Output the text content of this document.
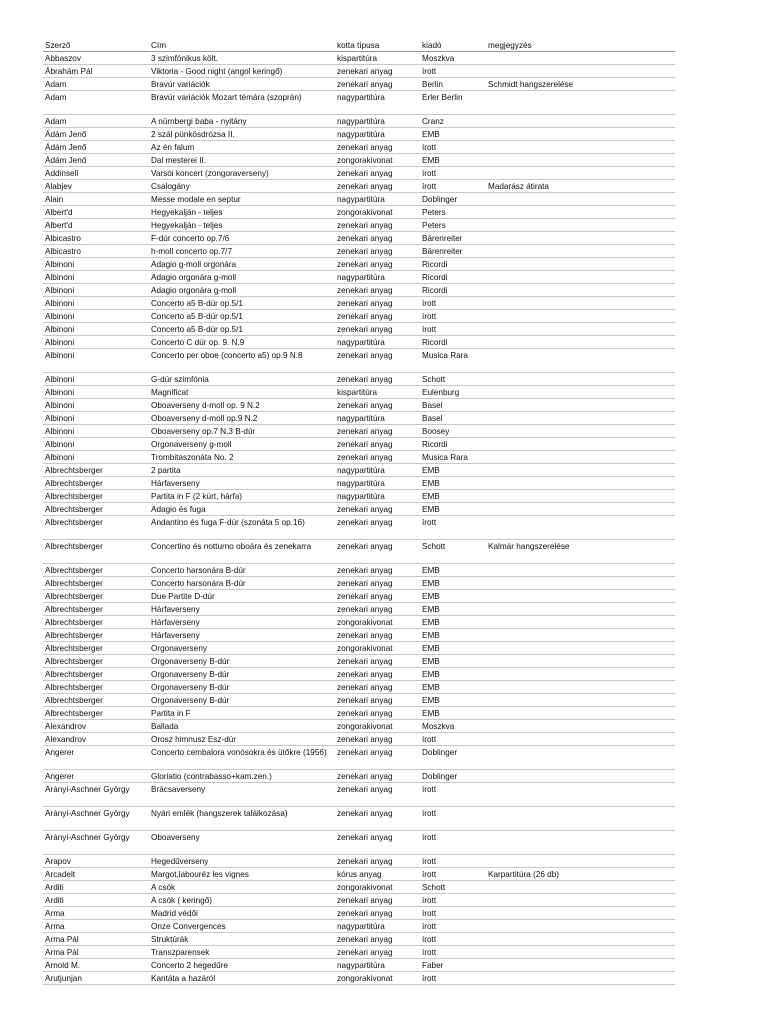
Szerző	Cím	kotta típusa	kiadó	megjegyzés
Abbaszov	3 szimfónikus költ.	kispartitúra	Moszkva	
Ábrahám Pál	Viktoria - Good night (angol keringő)	zenekari anyag	írott	
Adam	Bravúr variációk	zenekari anyag	Berlin	Schmidt hangszerelése
Adam	Bravúr variációk Mozart témára (szoprán)	nagypartitúra	Erler Berlin	
Adam	A nürnbergi baba - nyitány	nagypartitúra	Cranz	
Ádám Jenő	2 szál pünkösdrózsa II.	nagypartitúra	EMB	
Ádám Jenő	Az én falum	zenekari anyag	írott	
Ádám Jenő	Dal mesterei II.	zongorakivonat	EMB	
Addinsell	Varsói koncert (zongoraverseny)	zenekari anyag	írott	
Alabjev	Csalogány	zenekari anyag	írott	Madarász átirata
Alain	Messe modale en septur	nagypartitúra	Doblinger	
Albert'd	Hegyekalján - teljes	zongorakivonat	Peters	
Albert'd	Hegyekalján - teljes	zenekari anyag	Peters	
Albicastro	F-dúr concerto op.7/6	zenekari anyag	Bärenreiter	
Albicastro	h-moll concerto op.7/7	zenekari anyag	Bärenreiter	
Albinoni	Adagio g-moll orgonára	zenekari anyag	Ricordi	
Albinoni	Adagio orgonára g-moll	nagypartitúra	Ricordi	
Albinoni	Adagio orgonára g-moll	zenekari anyag	Ricordi	
Albinoni	Concerto a5 B-dúr op.5/1	zenekari anyag	írott	
Albinoni	Concerto a5 B-dúr op.5/1	zenekari anyag	írott	
Albinoni	Concerto a5 B-dúr op.5/1	zenekari anyag	írott	
Albinoni	Concerto C dúr op. 9. N.9	nagypartitúra	Ricordi	
Albinoni	Concerto per oboe (concerto a5) op.9 N.8	zenekari anyag	Musica Rara	
Albinoni	G-dúr szimfónia	zenekari anyag	Schott	
Albinoni	Magnificat	kispartitúra	Eulenburg	
Albinoni	Oboaverseny d-moll op. 9 N.2	zenekari anyag	Basel	
Albinoni	Oboaverseny d-moll op.9 N.2	nagypartitúra	Basel	
Albinoni	Oboaverseny op.7 N.3 B-dúr	zenekari anyag	Boosey	
Albinoni	Orgonaverseny g-moll	zenekari anyag	Ricordi	
Albinoni	Trombitaszonáta No. 2	zenekari anyag	Musica Rara	
Albrechtsberger	2 partita	nagypartitúra	EMB	
Albrechtsberger	Hárfaverseny	nagypartitúra	EMB	
Albrechtsberger	Partita in F (2 kürt, hárfa)	nagypartitúra	EMB	
Albrechtsberger	Adagio és fuga	zenekari anyag	EMB	
Albrechtsberger	Andantino és fuga F-dúr (szonáta 5 op.16)	zenekari anyag	írott	
Albrechtsberger	Concertino és notturno oboára és zenekarra	zenekari anyag	Schott	Kalmár hangszerelése
Albrechtsberger	Concerto harsonára B-dúr	zenekari anyag	EMB	
Albrechtsberger	Concerto harsonára B-dúr	zenekari anyag	EMB	
Albrechtsberger	Due Partite D-dúr	zenekari anyag	EMB	
Albrechtsberger	Hárfaverseny	zenekari anyag	EMB	
Albrechtsberger	Hárfaverseny	zongorakivonat	EMB	
Albrechtsberger	Hárfaverseny	zenekari anyag	EMB	
Albrechtsberger	Orgonaverseny	zongorakivonat	EMB	
Albrechtsberger	Orgonaverseny B-dúr	zenekari anyag	EMB	
Albrechtsberger	Orgonaverseny B-dúr	zenekari anyag	EMB	
Albrechtsberger	Orgonaverseny B-dúr	zenekari anyag	EMB	
Albrechtsberger	Orgonaverseny B-dúr	zenekari anyag	EMB	
Albrechtsberger	Partita in F	zenekari anyag	EMB	
Alexandrov	Ballada	zongorakivonat	Moszkva	
Alexandrov	Orosz himnusz Esz-dúr	zenekari anyag	írott	
Angerer	Concerto cembalora vonósokra és ütőkre (1956)	zenekari anyag	Doblinger	
Angerer	Gloriatio (contrabasso+kam.zen.)	zenekari anyag	Doblinger	
Arányi-Aschner György	Brácsaverseny	zenekari anyag	írott	
Arányi-Aschner György	Nyári emlék (hangszerek találkozása)	zenekari anyag	írott	
Arányi-Aschner György	Oboaverseny	zenekari anyag	írott	
Arapov	Hegedűverseny	zenekari anyag	írott	
Arcadelt	Margot,labouréz les vignes	kórus anyag	írott	Karpartitúra (26 db)
Arditi	A csók	zongorakivonat	Schott	
Arditi	A csók ( keringő)	zenekari anyag	írott	
Arma	Madrid védői	zenekari anyag	írott	
Arma	Onze Convergences	nagypartitúra	írott	
Arma Pál	Struktúrák	zenekari anyag	írott	
Arma Pál	Transzparensek	zenekari anyag	írott	
Arnold M.	Concerto 2 hegedűre	nagypartitúra	Faber	
Arutjunjan	Kantáta a hazáról	zongorakivonat	írott	
